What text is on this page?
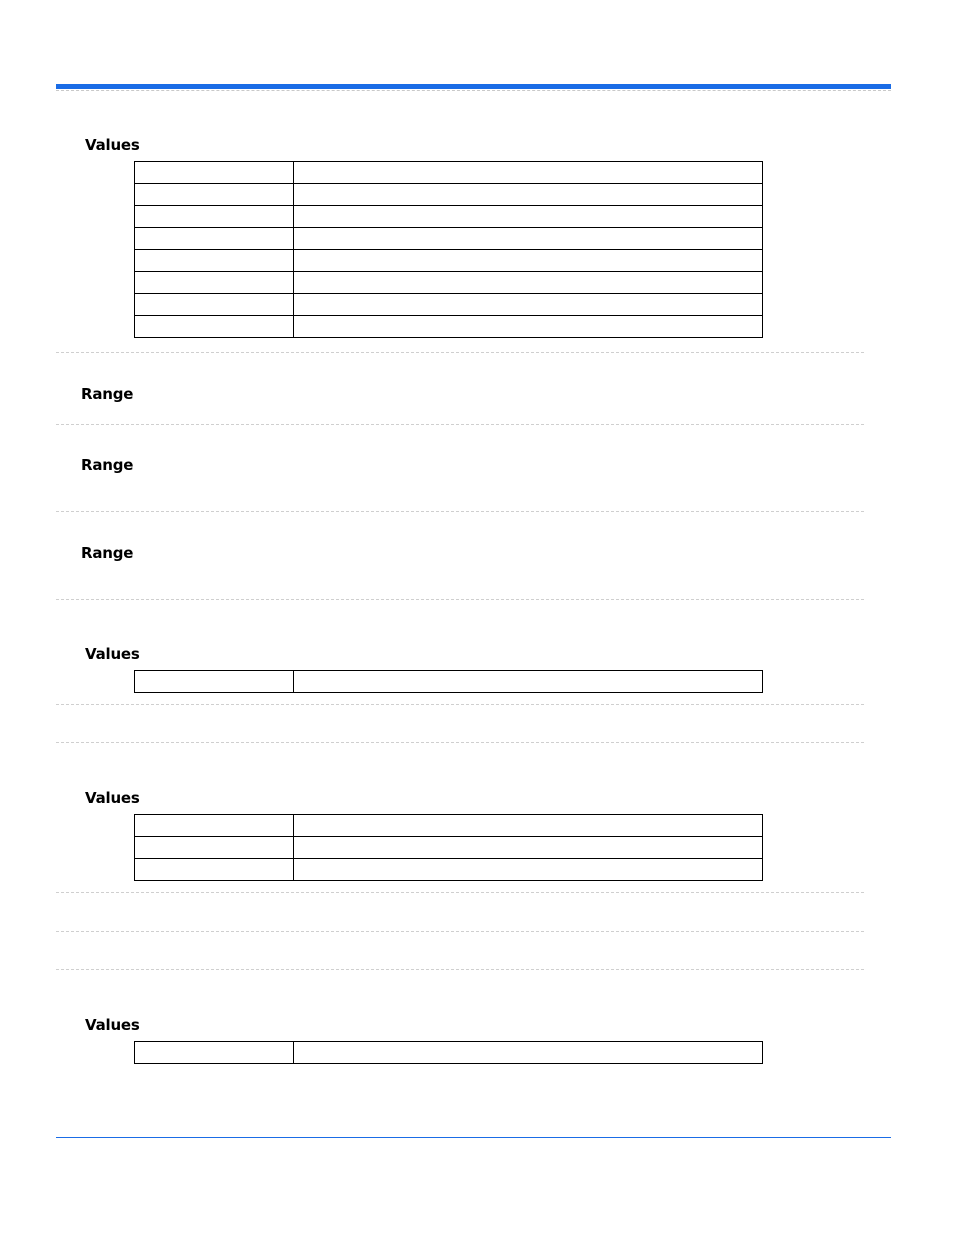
Values

Range
Range
Range
Values

Values

Values
